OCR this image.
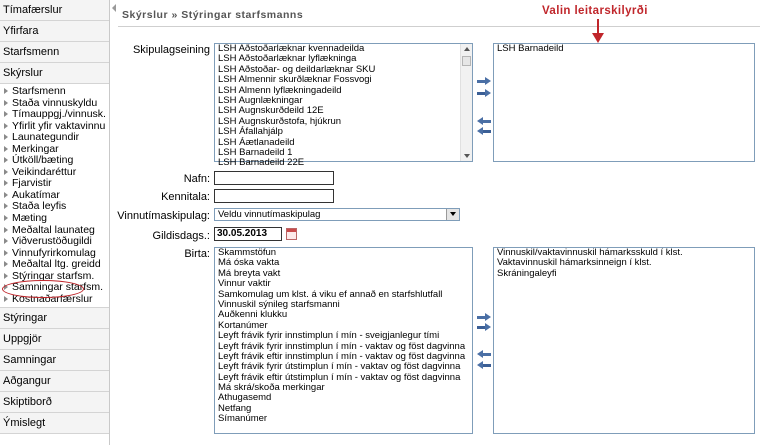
Tímafærslur
Yfirfara
Starfsmenn
Skýrslur
Starfsmenn
Staða vinnuskyldu
Tímauppgj./vinnusk.
Yfirlit yfir vaktavinnu
Launategundir
Merkingar
Útköll/bæting
Veikindaréttur
Fjarvistir
Aukatímar
Staða leyfis
Mæting
Meðaltal launateg
Viðverustöðugildi
Vinnufyrirkomulag
Meðaltal ltg. greidd
Stýringar starfsm.
Samningar starfsm.
Kostnaðarfærslur
Stýringar
Uppgjör
Samningar
Aðgangur
Skiptiborð
Ýmislegt
Skýrslur » Stýringar starfsmanns	Valin leitarskilyrði
Skipulagseining LSH Aðstoðarlæknar kvennadeilda
LSH Aðstoðarlæknar lyflækninga
LSH Aðstoðar- og deildarlæknar SKU
LSH Almennir skurðlæknar Fossvogi
LSH Almenn lyflækningadeild
LSH Augnlækningar
LSH Augnskurðdeild 12E
LSH Augnskurðstofa, hjúkrun
LSH Áfallahjálp
LSH Áætlanadeild
LSH Barnadeild 1
LSH Barnadeild 22E
LSH Barnadeild
Nafn:
Kennitala:
Vinnutímaskipulag: Veldu vinnutímaskipulag
Gildisdags.: 30.05.2013
Birta: Skammstöfun
Má óska vakta
Má breyta vakt
Vinnur vaktir
Samkomulag um klst. á viku ef annað en starfshlutfall
Vinnuskil sýnileg starfsmanni
Auðkenni klukku
Kortanúmer
Leyft frávik fyrir innstimplun í mín - sveigjanlegur tími
Leyft frávik fyrir innstimplun í mín - vaktav og föst dagvinna
Leyft frávik eftir innstimplun í mín - vaktav og föst dagvinna
Leyft frávik fyrir útstimplun í mín - vaktav og föst dagvinna
Leyft frávik eftir útstimplun í mín - vaktav og föst dagvinna
Má skrá/skoða merkingar
Athugasemd
Netfang
Símanúmer
Vinnuskil/vaktavinnuskil hámarksskuld í klst.
Vaktavinnuskil hámarksinneign í klst.
Skráningaleyfi
